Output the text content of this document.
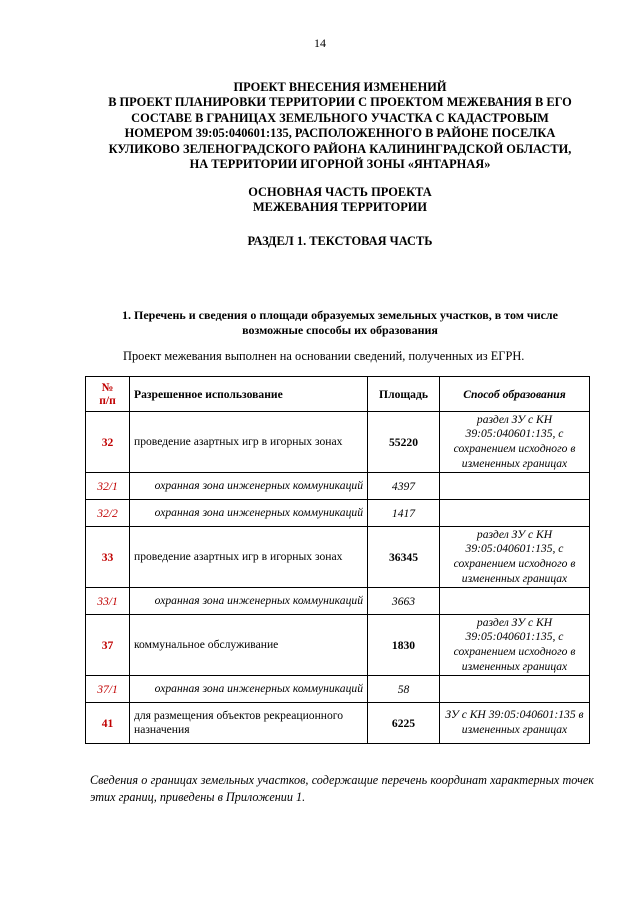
14
ПРОЕКТ ВНЕСЕНИЯ ИЗМЕНЕНИЙ
В ПРОЕКТ ПЛАНИРОВКИ ТЕРРИТОРИИ С ПРОЕКТОМ МЕЖЕВАНИЯ В ЕГО
СОСТАВЕ В ГРАНИЦАХ ЗЕМЕЛЬНОГО УЧАСТКА С КАДАСТРОВЫМ
НОМЕРОМ 39:05:040601:135, РАСПОЛОЖЕННОГО В РАЙОНЕ ПОСЕЛКА
КУЛИКОВО ЗЕЛЕНОГРАДСКОГО РАЙОНА КАЛИНИНГРАДСКОЙ ОБЛАСТИ,
НА ТЕРРИТОРИИ ИГОРНОЙ ЗОНЫ «ЯНТАРНАЯ»
ОСНОВНАЯ ЧАСТЬ ПРОЕКТА
МЕЖЕВАНИЯ ТЕРРИТОРИИ
РАЗДЕЛ 1. ТЕКСТОВАЯ ЧАСТЬ
1. Перечень и сведения о площади образуемых земельных участков, в том числе возможные способы их образования
Проект межевания выполнен на основании сведений, полученных из ЕГРН.
№
п/п	Разрешенное использование	Площадь	Способ образования
32	проведение азартных игр в игорных зонах	55220	раздел ЗУ с КН 39:05:040601:135, с сохранением исходного в измененных границах
32/1	охранная зона инженерных коммуникаций	4397	
32/2	охранная зона инженерных коммуникаций	1417	
33	проведение азартных игр в игорных зонах	36345	раздел ЗУ с КН 39:05:040601:135, с сохранением исходного в измененных границах
33/1	охранная зона инженерных коммуникаций	3663	
37	коммунальное обслуживание	1830	раздел ЗУ с КН 39:05:040601:135, с сохранением исходного в измененных границах
37/1	охранная зона инженерных коммуникаций	58	
41	для размещения объектов рекреационного назначения	6225	ЗУ с КН 39:05:040601:135 в измененных границах
Сведения о границах земельных участков, содержащие перечень координат характерных точек этих границ, приведены в Приложении 1.
